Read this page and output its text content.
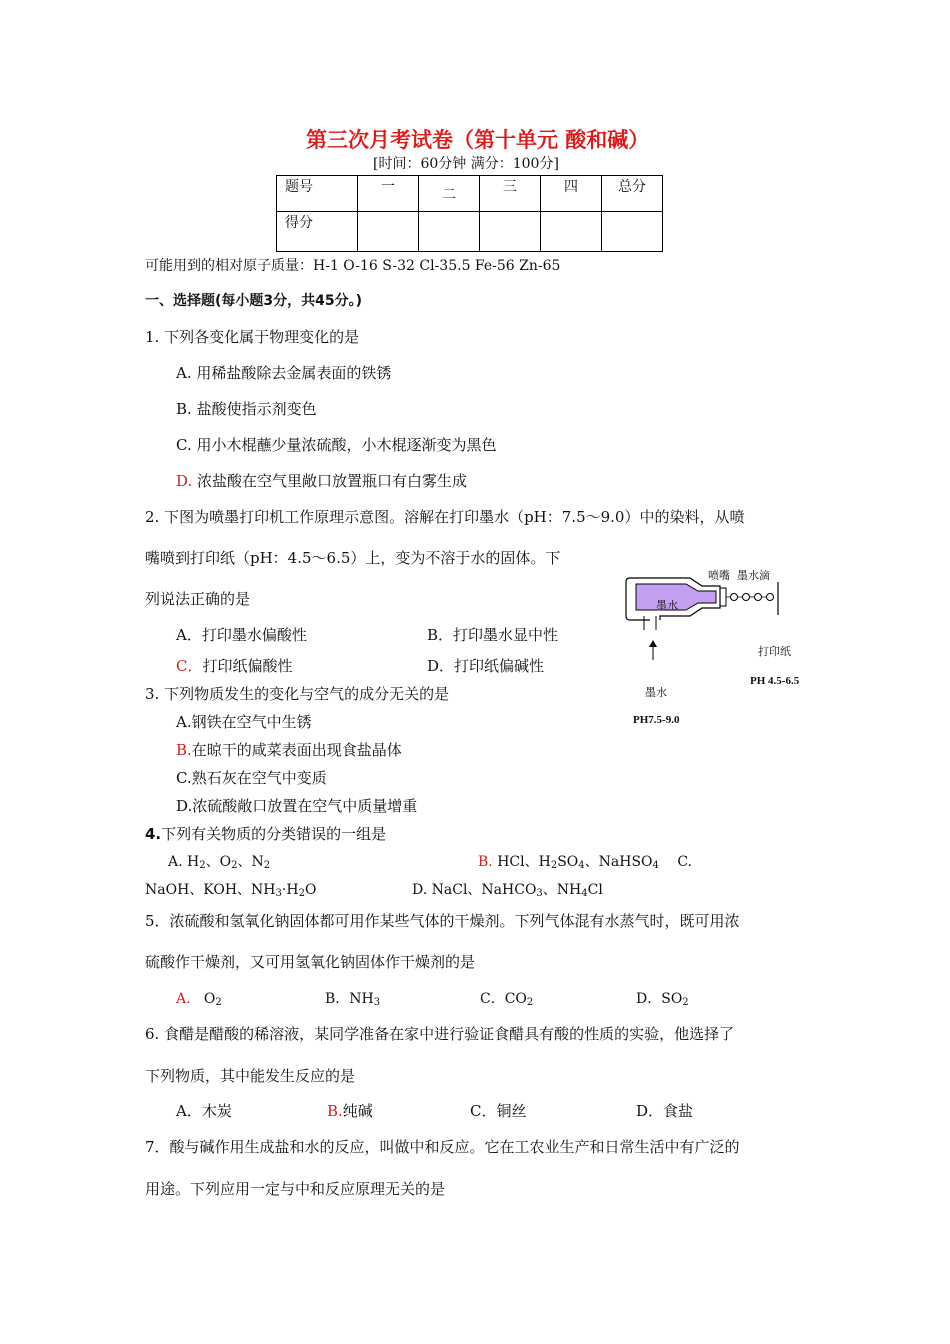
第三次月考试卷（第十单元 酸和碱）
[时间：60分钟 满分：100分]
题号	一	二	三	四	总分
得分					
可能用到的相对原子质量：H-1 O-16 S-32 Cl-35.5 Fe-56 Zn-65
一、选择题(每小题3分，共45分。)
1. 下列各变化属于物理变化的是
A. 用稀盐酸除去金属表面的铁锈
B. 盐酸使指示剂变色
C. 用小木棍蘸少量浓硫酸，小木棍逐渐变为黑色
D. 浓盐酸在空气里敞口放置瓶口有白雾生成
2. 下图为喷墨打印机工作原理示意图。溶解在打印墨水（pH：7.5～9.0）中的染料，从喷
嘴喷到打印纸（pH：4.5～6.5）上，变为不溶于水的固体。下
列说法正确的是
A．打印墨水偏酸性	B．打印墨水显中性
C．打印纸偏酸性	D．打印纸偏碱性
喷嘴 墨水滴
墨水
打印纸
PH 4.5-6.5
墨水
PH7.5-9.0
3. 下列物质发生的变化与空气的成分无关的是
A.钢铁在空气中生锈
B.在晾干的咸菜表面出现食盐晶体
C.熟石灰在空气中变质
D.浓硫酸敞口放置在空气中质量增重
4.下列有关物质的分类错误的一组是
A. $H_2$、$O_2$、$N_2$	B. HCl、$H_2SO_4$、NaHSO$_4$ C.
NaOH、KOH、$NH_3\cdot H_2O$	D. NaCl、NaHCO$_3$、$NH_4Cl$
5．浓硫酸和氢氧化钠固体都可用作某些气体的干燥剂。下列气体混有水蒸气时，既可用浓
硫酸作干燥剂，又可用氢氧化钠固体作干燥剂的是
A.   $O_2$	B．$NH_3$	C．$CO_2$	D．$SO_2$
6. 食醋是醋酸的稀溶液，某同学准备在家中进行验证食醋具有酸的性质的实验，他选择了
下列物质，其中能发生反应的是
A．木炭	B.纯碱	C．铜丝	D．食盐
7．酸与碱作用生成盐和水的反应，叫做中和反应。它在工农业生产和日常生活中有广泛的
用途。下列应用一定与中和反应原理无关的是
